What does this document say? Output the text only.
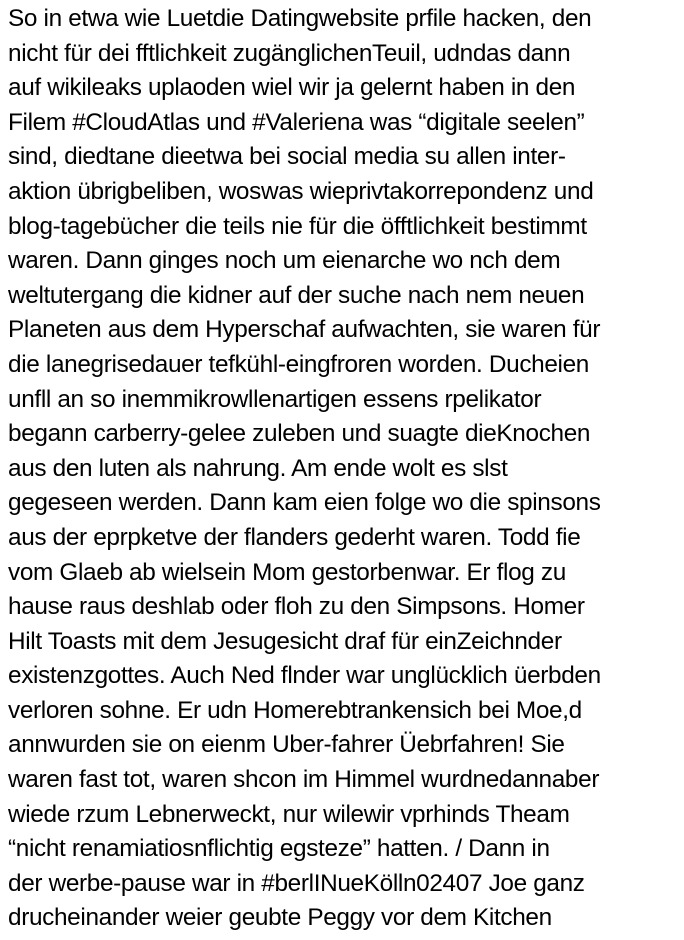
So in etwa wie Luetdie Datingwebsite prfile hacken, den nicht für dei fftlichkeit zugänglichenTeuil, udndas dann auf wikileaks uplaoden wiel wir ja gelernt haben in den Filem #CloudAtlas und #Valeriena was “digitale seelen” sind, diedtane dieetwa bei social media su allen inter- aktion übrigbeliben, woswas wieprivtakorrepondenz und blog-tagebücher die teils nie für die öfftlichkeit bestimmt waren. Dann ginges noch um eienarche wo nch dem weltutergang die kidner auf der suche nach nem neuen Planeten aus dem Hyperschaf aufwachten, sie waren für die lanegrisedauer tefkühl-eingfroren worden. Ducheien unfll an so inemmikrowllenartigen essens rpelikator begann carberry-gelee zuleben und suagte dieKnochen aus den luten als nahrung. Am ende wolt es slst gegeseen werden. Dann kam eien folge wo die spinsons aus der eprpketve der flanders gederht waren. Todd fie vom Glaeb ab wielsein Mom gestorbenwar. Er flog zu hause raus deshlab oder floh zu den Simpsons. Homer Hilt Toasts mit dem Jesugesicht draf für einZeichnder existenzgottes. Auch Ned flnder war unglücklich üerbden verloren sohne. Er udn Homerebtrankensich bei Moe,d annwurden sie on eienm Uber-fahrer Üebrfahren! Sie waren fast tot, waren shcon im Himmel wurdnedannaber wiede rzum Lebnerweckt, nur wilewir vprhinds Theam “nicht renamiatiosnflichtig egsteze” hatten. / Dann in der werbe-pause war in #berlINueKölln02407 Joe ganz drucheinander weier geubte Peggy vor dem Kitchen
